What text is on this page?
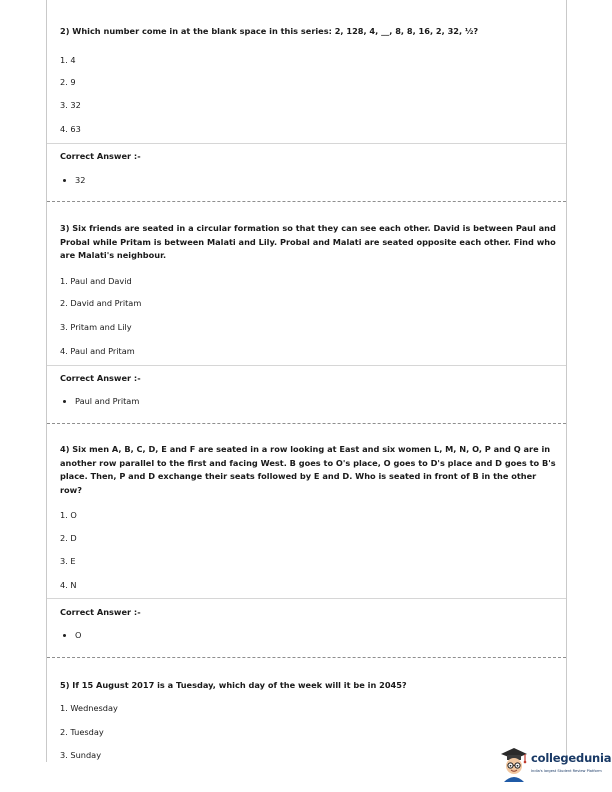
2) Which number come in at the blank space in this series: 2, 128, 4, __, 8, 8, 16, 2, 32, ½?
1. 4
2. 9
3. 32
4. 63
Correct Answer :-
32
3) Six friends are seated in a circular formation so that they can see each other. David is between Paul and Probal while Pritam is between Malati and Lily. Probal and Malati are seated opposite each other. Find who are Malati's neighbour.
1. Paul and David
2. David and Pritam
3. Pritam and Lily
4. Paul and Pritam
Correct Answer :-
Paul and Pritam
4) Six men A, B, C, D, E and F are seated in a row looking at East and six women L, M, N, O, P and Q are in another row parallel to the first and facing West. B goes to O's place, O goes to D's place and D goes to B's place. Then, P and D exchange their seats followed by E and D. Who is seated in front of B in the other row?
1. O
2. D
3. E
4. N
Correct Answer :-
O
5) If 15 August 2017 is a Tuesday, which day of the week will it be in 2045?
1. Wednesday
2. Tuesday
3. Sunday	collegedunia
India's largest Student Review Platform
